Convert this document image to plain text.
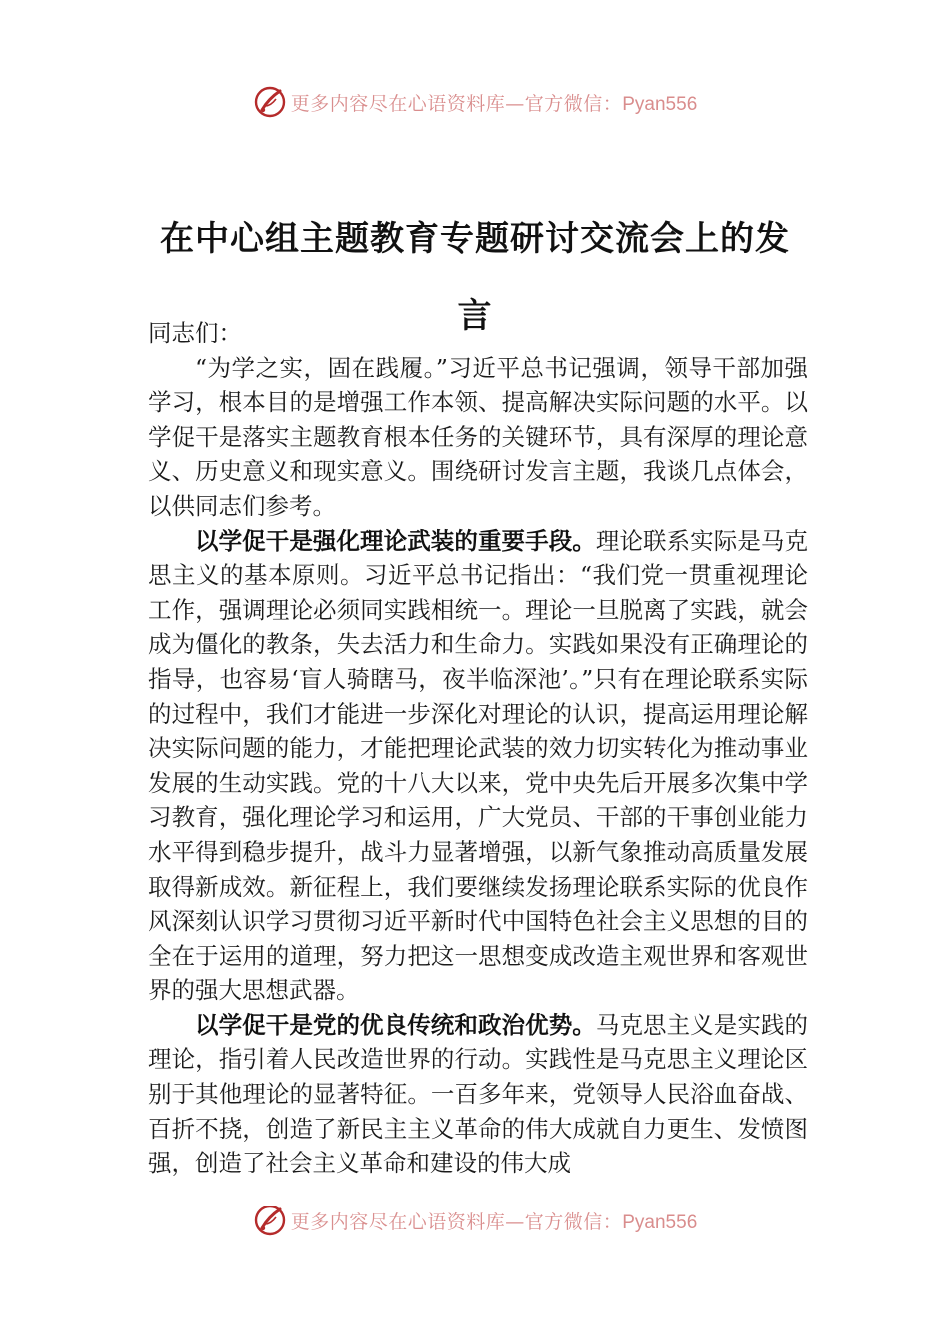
更多内容尽在心语资料库—官方微信：Pyan556
在中心组主题教育专题研讨交流会上的发言

同志们：

“为学之实，固在践履。”习近平总书记强调，领导干部加强学习，根本目的是增强工作本领、提高解决实际问题的水平。以学促干是落实主题教育根本任务的关键环节，具有深厚的理论意义、历史意义和现实意义。围绕研讨发言主题，我谈几点体会，以供同志们参考。

以学促干是强化理论武装的重要手段。理论联系实际是马克思主义的基本原则。习近平总书记指出：“我们党一贯重视理论工作，强调理论必须同实践相统一。理论一旦脱离了实践，就会成为僵化的教条，失去活力和生命力。实践如果没有正确理论的指导，也容易‘盲人骑瞎马，夜半临深池’。”只有在理论联系实际的过程中，我们才能进一步深化对理论的认识，提高运用理论解决实际问题的能力，才能把理论武装的效力切实转化为推动事业发展的生动实践。党的十八大以来，党中央先后开展多次集中学习教育，强化理论学习和运用，广大党员、干部的干事创业能力水平得到稳步提升，战斗力显著增强，以新气象推动高质量发展取得新成效。新征程上，我们要继续发扬理论联系实际的优良作风深刻认识学习贯彻习近平新时代中国特色社会主义思想的目的全在于运用的道理，努力把这一思想变成改造主观世界和客观世界的强大思想武器。

以学促干是党的优良传统和政治优势。马克思主义是实践的理论，指引着人民改造世界的行动。实践性是马克思主义理论区别于其他理论的显著特征。一百多年来，党领导人民浴血奋战、百折不挠，创造了新民主主义革命的伟大成就自力更生、发愤图强，创造了社会主义革命和建设的伟大成

更多内容尽在心语资料库—官方微信：Pyan556
